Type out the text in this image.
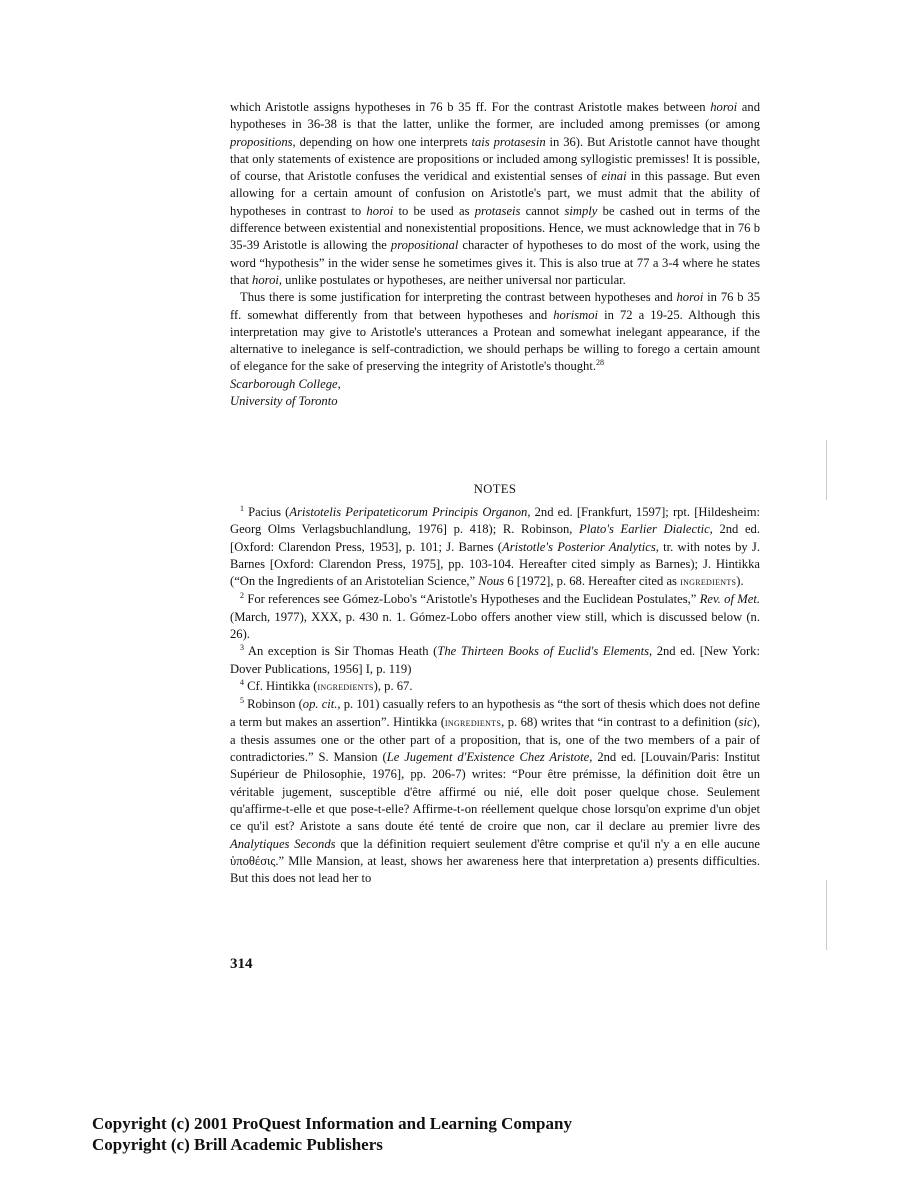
which Aristotle assigns hypotheses in 76 b 35 ff. For the contrast Aristotle makes between horoi and hypotheses in 36-38 is that the latter, unlike the former, are included among premisses (or among propositions, depending on how one interprets tais protasesin in 36). But Aristotle cannot have thought that only statements of existence are propositions or included among syllogistic premisses! It is possible, of course, that Aristotle confuses the veridical and existential senses of einai in this passage. But even allowing for a certain amount of confusion on Aristotle's part, we must admit that the ability of hypotheses in contrast to horoi to be used as protaseis cannot simply be cashed out in terms of the difference between existential and nonexistential propositions. Hence, we must acknowledge that in 76 b 35-39 Aristotle is allowing the propositional character of hypotheses to do most of the work, using the word “hypothesis” in the wider sense he sometimes gives it. This is also true at 77 a 3-4 where he states that horoi, unlike postulates or hypotheses, are neither universal nor particular.

Thus there is some justification for interpreting the contrast between hypotheses and horoi in 76 b 35 ff. somewhat differently from that between hypotheses and horismoi in 72 a 19-25. Although this interpretation may give to Aristotle's utterances a Protean and somewhat inelegant appearance, if the alternative to inelegance is self-contradiction, we should perhaps be willing to forego a certain amount of elegance for the sake of preserving the integrity of Aristotle's thought.$^{28}$

Scarborough College,
University of Toronto
NOTES

$^1$ Pacius (Aristotelis Peripateticorum Principis Organon, 2nd ed. [Frankfurt, 1597]; rpt. [Hildesheim: Georg Olms Verlagsbuchlandlung, 1976] p. 418); R. Robinson, Plato's Earlier Dialectic, 2nd ed. [Oxford: Clarendon Press, 1953], p. 101; J. Barnes (Aristotle's Posterior Analytics, tr. with notes by J. Barnes [Oxford: Clarendon Press, 1975], pp. 103-104. Hereafter cited simply as Barnes); J. Hintikka (“On the Ingredients of an Aristotelian Science,” Nous 6 [1972], p. 68. Hereafter cited as ingredients).

$^2$ For references see Gómez-Lobo's “Aristotle's Hypotheses and the Euclidean Postulates,” Rev. of Met. (March, 1977), XXX, p. 430 n. 1. Gómez-Lobo offers another view still, which is discussed below (n. 26).

$^3$ An exception is Sir Thomas Heath (The Thirteen Books of Euclid's Elements, 2nd ed. [New York: Dover Publications, 1956] I, p. 119)

$^4$ Cf. Hintikka (ingredients), p. 67.

$^5$ Robinson (op. cit., p. 101) casually refers to an hypothesis as “the sort of thesis which does not define a term but makes an assertion”. Hintikka (ingredients, p. 68) writes that “in contrast to a definition (sic), a thesis assumes one or the other part of a proposition, that is, one of the two members of a pair of contradictories.” S. Mansion (Le Jugement d'Existence Chez Aristote, 2nd ed. [Louvain/Paris: Institut Supérieur de Philosophie, 1976], pp. 206-7) writes: “Pour être prémisse, la définition doit être un véritable jugement, susceptible d'être affirmé ou nié, elle doit poser quelque chose. Seulement qu'affirme-t-elle et que pose-t-elle? Affirme-t-on réellement quelque chose lorsqu'on exprime d'un objet ce qu'il est? Aristote a sans doute été tenté de croire que non, car il declare au premier livre des Analytiques Seconds que la définition requiert seulement d'être comprise et qu'il n'y a en elle aucune ὑποθέσις.” Mlle Mansion, at least, shows her awareness here that interpretation a) presents difficulties. But this does not lead her to

314
Copyright (c) 2001 ProQuest Information and Learning Company
Copyright (c) Brill Academic Publishers
